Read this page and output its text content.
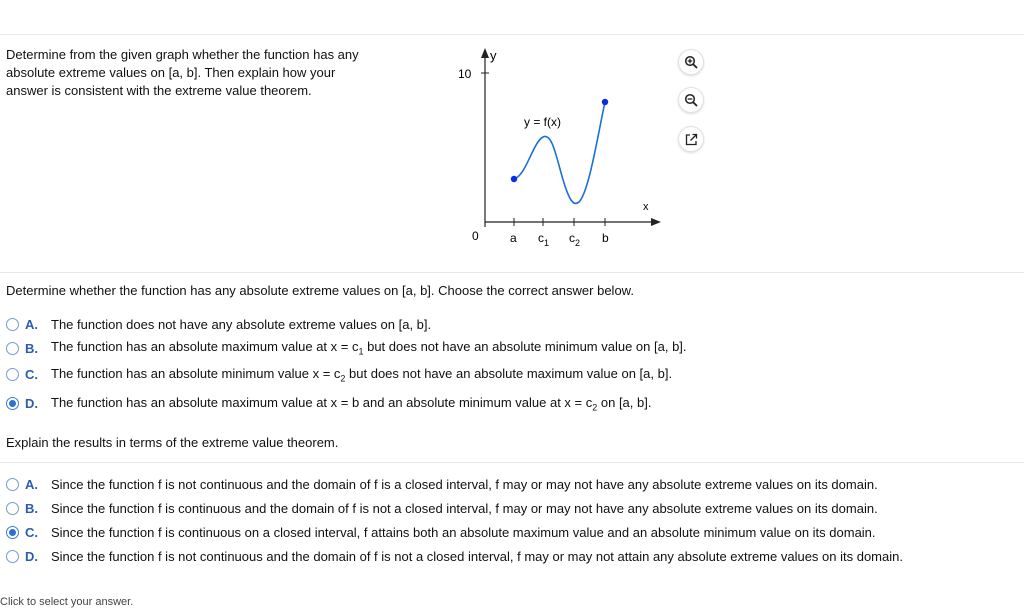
Determine from the given graph whether the function has any
absolute extreme values on [a, b]. Then explain how your
answer is consistent with the extreme value theorem.
y
10
x
0	a $c_1$ $c_2$ b
y = f(x)
Determine whether the function has any absolute extreme values on [a, b]. Choose the correct answer below.
A.	The function does not have any absolute extreme values on [a, b].
B.	The function has an absolute maximum value at $x = c_1$ but does not have an absolute minimum value on [a, b].
C.	The function has an absolute minimum value $x = c_2$ but does not have an absolute maximum value on [a, b].
D.	The function has an absolute maximum value at x = b and an absolute minimum value at $x = c_2$ on [a, b].
Explain the results in terms of the extreme value theorem.
A.	Since the function f is not continuous and the domain of f is a closed interval, f may or may not have any absolute extreme values on its domain.
B.	Since the function f is continuous and the domain of f is not a closed interval, f may or may not have any absolute extreme values on its domain.
C.	Since the function f is continuous on a closed interval, f attains both an absolute maximum value and an absolute minimum value on its domain.
D.	Since the function f is not continuous and the domain of f is not a closed interval, f may or may not attain any absolute extreme values on its domain.
Click to select your answer.
